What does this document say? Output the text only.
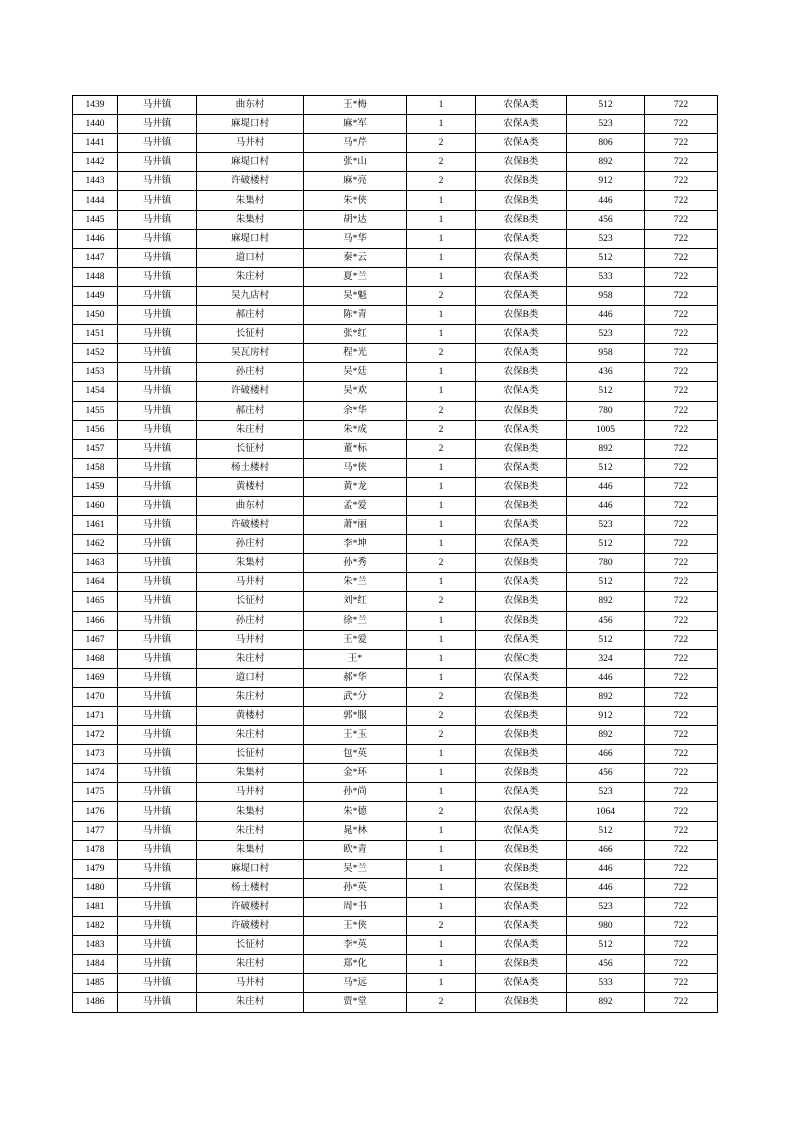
1439	马井镇	曲东村	王*梅	1	农保A类	512	722
1440	马井镇	麻堤口村	麻*军	1	农保A类	523	722
1441	马井镇	马井村	马*芹	2	农保A类	806	722
1442	马井镇	麻堤口村	张*山	2	农保B类	892	722
1443	马井镇	许破楼村	麻*亮	2	农保B类	912	722
1444	马井镇	朱集村	朱*侠	1	农保B类	446	722
1445	马井镇	朱集村	胡*达	1	农保B类	456	722
1446	马井镇	麻堤口村	马*华	1	农保A类	523	722
1447	马井镇	道口村	秦*云	1	农保A类	512	722
1448	马井镇	朱庄村	夏*兰	1	农保A类	533	722
1449	马井镇	吴九店村	吴*魁	2	农保A类	958	722
1450	马井镇	郝庄村	陈*青	1	农保B类	446	722
1451	马井镇	长征村	张*红	1	农保A类	523	722
1452	马井镇	吴瓦房村	程*光	2	农保A类	958	722
1453	马井镇	孙庄村	吴*廷	1	农保B类	436	722
1454	马井镇	许破楼村	吴*欢	1	农保A类	512	722
1455	马井镇	郝庄村	余*华	2	农保B类	780	722
1456	马井镇	朱庄村	朱*成	2	农保A类	1005	722
1457	马井镇	长征村	董*标	2	农保B类	892	722
1458	马井镇	杨土楼村	马*侠	1	农保A类	512	722
1459	马井镇	黄楼村	黄*龙	1	农保B类	446	722
1460	马井镇	曲东村	孟*爱	1	农保B类	446	722
1461	马井镇	许破楼村	萧*丽	1	农保A类	523	722
1462	马井镇	孙庄村	李*坤	1	农保A类	512	722
1463	马井镇	朱集村	孙*秀	2	农保B类	780	722
1464	马井镇	马井村	朱*兰	1	农保A类	512	722
1465	马井镇	长征村	刘*红	2	农保B类	892	722
1466	马井镇	孙庄村	徐*兰	1	农保B类	456	722
1467	马井镇	马井村	王*爱	1	农保A类	512	722
1468	马井镇	朱庄村	王*	1	农保C类	324	722
1469	马井镇	道口村	郝*华	1	农保A类	446	722
1470	马井镇	朱庄村	武*分	2	农保B类	892	722
1471	马井镇	黄楼村	郭*服	2	农保B类	912	722
1472	马井镇	朱庄村	王*玉	2	农保B类	892	722
1473	马井镇	长征村	包*英	1	农保B类	466	722
1474	马井镇	朱集村	金*环	1	农保B类	456	722
1475	马井镇	马井村	孙*尚	1	农保A类	523	722
1476	马井镇	朱集村	朱*德	2	农保A类	1064	722
1477	马井镇	朱庄村	晁*林	1	农保A类	512	722
1478	马井镇	朱集村	欧*青	1	农保B类	466	722
1479	马井镇	麻堤口村	吴*兰	1	农保B类	446	722
1480	马井镇	杨土楼村	孙*英	1	农保B类	446	722
1481	马井镇	许破楼村	周*书	1	农保A类	523	722
1482	马井镇	许破楼村	王*侠	2	农保A类	980	722
1483	马井镇	长征村	李*英	1	农保A类	512	722
1484	马井镇	朱庄村	郑*化	1	农保B类	456	722
1485	马井镇	马井村	马*远	1	农保A类	533	722
1486	马井镇	朱庄村	贾*堂	2	农保B类	892	722
